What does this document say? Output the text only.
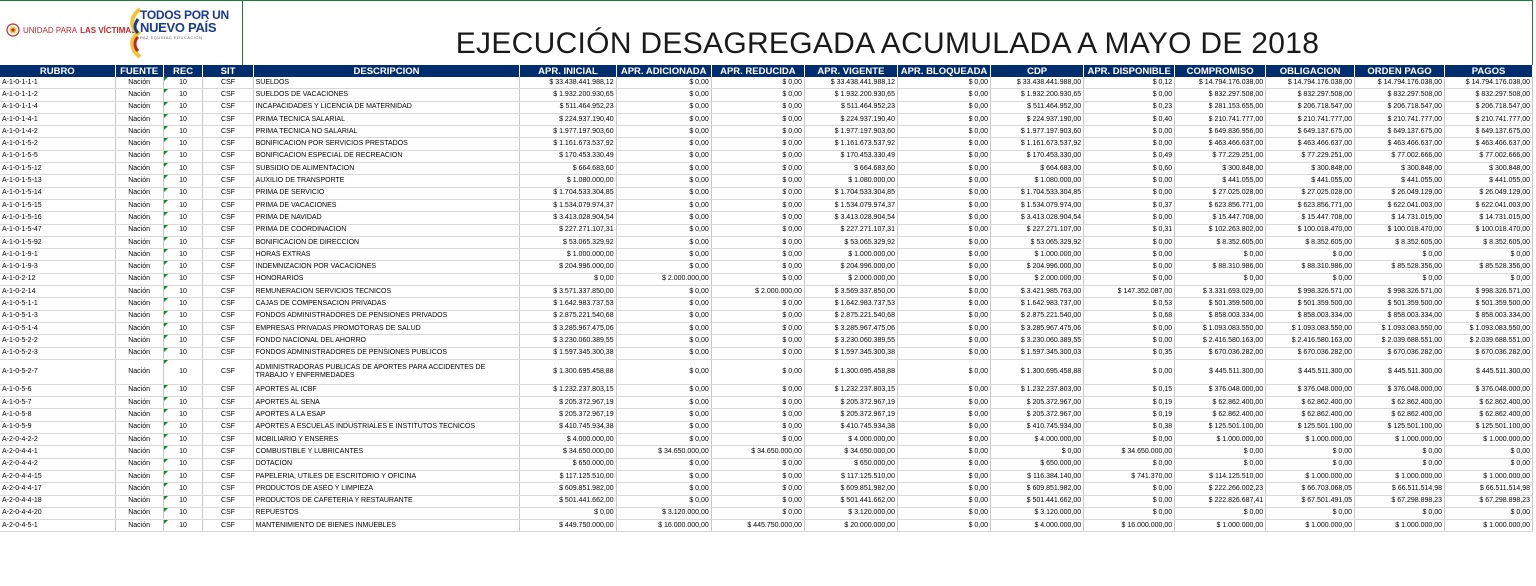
UNIDAD PARA LAS VÍCTIMAS
TODOS POR UN
NUEVO PAÍS
PAZ EQUIDAD EDUCACIÓN	EJECUCIÓN DESAGREGADA ACUMULADA A MAYO DE 2018
RUBRO	FUENTE	REC	SIT	DESCRIPCION	APR. INICIAL	APR. ADICIONADA	APR. REDUCIDA	APR. VIGENTE	APR. BLOQUEADA	CDP	APR. DISPONIBLE	COMPROMISO	OBLIGACION	ORDEN PAGO	PAGOS
A-1-0-1-1-1	Nación	10	CSF	SUELDOS	$ 33.438.441.988,12	$ 0,00	$ 0,00	$ 33.438.441.988,12	$ 0,00	$ 33.438.441.988,00	$ 0,12	$ 14.794.176.038,00	$ 14.794.176.038,00	$ 14.794.176.038,00	$ 14.794.176.038,00
A-1-0-1-1-2	Nación	10	CSF	SUELDOS DE VACACIONES	$ 1.932.200.930,65	$ 0,00	$ 0,00	$ 1.932.200.930,65	$ 0,00	$ 1.932.200.930,65	$ 0,00	$ 832.297.508,00	$ 832.297.508,00	$ 832.297.508,00	$ 832.297.508,00
A-1-0-1-1-4	Nación	10	CSF	INCAPACIDADES Y LICENCIA DE MATERNIDAD	$ 511.464.952,23	$ 0,00	$ 0,00	$ 511.464.952,23	$ 0,00	$ 511.464.952,00	$ 0,23	$ 281.153.655,00	$ 206.718.547,00	$ 206.718.547,00	$ 206.718.547,00
A-1-0-1-4-1	Nación	10	CSF	PRIMA TECNICA SALARIAL	$ 224.937.190,40	$ 0,00	$ 0,00	$ 224.937.190,40	$ 0,00	$ 224.937.190,00	$ 0,40	$ 210.741.777,00	$ 210.741.777,00	$ 210.741.777,00	$ 210.741.777,00
A-1-0-1-4-2	Nación	10	CSF	PRIMA TECNICA NO SALARIAL	$ 1.977.197.903,60	$ 0,00	$ 0,00	$ 1.977.197.903,60	$ 0,00	$ 1.977.197.903,60	$ 0,00	$ 649.836.956,00	$ 649.137.675,00	$ 649.137.675,00	$ 649.137.675,00
A-1-0-1-5-2	Nación	10	CSF	BONIFICACION POR SERVICIOS PRESTADOS	$ 1.161.673.537,92	$ 0,00	$ 0,00	$ 1.161.673.537,92	$ 0,00	$ 1.161.673.537,92	$ 0,00	$ 463.466.637,00	$ 463.466.637,00	$ 463.466.637,00	$ 463.466.637,00
A-1-0-1-5-5	Nación	10	CSF	BONIFICACION ESPECIAL DE RECREACION	$ 170.453.330,49	$ 0,00	$ 0,00	$ 170.453.330,49	$ 0,00	$ 170.453.330,00	$ 0,49	$ 77.229.251,00	$ 77.229.251,00	$ 77.002.666,00	$ 77.002.666,00
A-1-0-1-5-12	Nación	10	CSF	SUBSIDIO DE ALIMENTACION	$ 664.683,60	$ 0,00	$ 0,00	$ 664.683,60	$ 0,00	$ 664.683,00	$ 0,60	$ 300.848,00	$ 300.848,00	$ 300.848,00	$ 300.848,00
A-1-0-1-5-13	Nación	10	CSF	AUXILIO DE TRANSPORTE	$ 1.080.000,00	$ 0,00	$ 0,00	$ 1.080.000,00	$ 0,00	$ 1.080.000,00	$ 0,00	$ 441.055,00	$ 441.055,00	$ 441.055,00	$ 441.055,00
A-1-0-1-5-14	Nación	10	CSF	PRIMA DE SERVICIO	$ 1.704.533.304,85	$ 0,00	$ 0,00	$ 1.704.533.304,85	$ 0,00	$ 1.704.533.304,85	$ 0,00	$ 27.025.028,00	$ 27.025.028,00	$ 26.049.129,00	$ 26.049.129,00
A-1-0-1-5-15	Nación	10	CSF	PRIMA DE VACACIONES	$ 1.534.079.974,37	$ 0,00	$ 0,00	$ 1.534.079.974,37	$ 0,00	$ 1.534.079.974,00	$ 0,37	$ 623.856.771,00	$ 623.856.771,00	$ 622.041.003,00	$ 622.041.003,00
A-1-0-1-5-16	Nación	10	CSF	PRIMA DE NAVIDAD	$ 3.413.028.904,54	$ 0,00	$ 0,00	$ 3.413.028.904,54	$ 0,00	$ 3.413.028.904,54	$ 0,00	$ 15.447.708,00	$ 15.447.708,00	$ 14.731.015,00	$ 14.731.015,00
A-1-0-1-5-47	Nación	10	CSF	PRIMA DE COORDINACION	$ 227.271.107,31	$ 0,00	$ 0,00	$ 227.271.107,31	$ 0,00	$ 227.271.107,00	$ 0,31	$ 102.263.802,00	$ 100.018.470,00	$ 100.018.470,00	$ 100.018.470,00
A-1-0-1-5-92	Nación	10	CSF	BONIFICACION DE DIRECCION	$ 53.065.329,92	$ 0,00	$ 0,00	$ 53.065.329,92	$ 0,00	$ 53.065.329,92	$ 0,00	$ 8.352.605,00	$ 8.352.605,00	$ 8.352.605,00	$ 8.352.605,00
A-1-0-1-9-1	Nación	10	CSF	HORAS EXTRAS	$ 1.000.000,00	$ 0,00	$ 0,00	$ 1.000.000,00	$ 0,00	$ 1.000.000,00	$ 0,00	$ 0,00	$ 0,00	$ 0,00	$ 0,00
A-1-0-1-9-3	Nación	10	CSF	INDEMNIZACION POR VACACIONES	$ 204.996.000,00	$ 0,00	$ 0,00	$ 204.996.000,00	$ 0,00	$ 204.996.000,00	$ 0,00	$ 88.310.986,00	$ 88.310.986,00	$ 85.528.356,00	$ 85.528.356,00
A-1-0-2-12	Nación	10	CSF	HONORARIOS	$ 0,00	$ 2.000.000,00	$ 0,00	$ 2.000.000,00	$ 0,00	$ 2.000.000,00	$ 0,00	$ 0,00	$ 0,00	$ 0,00	$ 0,00
A-1-0-2-14	Nación	10	CSF	REMUNERACION SERVICIOS TECNICOS	$ 3.571.337.850,00	$ 0,00	$ 2.000.000,00	$ 3.569.337.850,00	$ 0,00	$ 3.421.985.763,00	$ 147.352.087,00	$ 3.331.693.029,00	$ 998.326.571,00	$ 998.326.571,00	$ 998.326.571,00
A-1-0-5-1-1	Nación	10	CSF	CAJAS DE COMPENSACION PRIVADAS	$ 1.642.983.737,53	$ 0,00	$ 0,00	$ 1.642.983.737,53	$ 0,00	$ 1.642.983.737,00	$ 0,53	$ 501.359.500,00	$ 501.359.500,00	$ 501.359.500,00	$ 501.359.500,00
A-1-0-5-1-3	Nación	10	CSF	FONDOS ADMINISTRADORES DE PENSIONES PRIVADOS	$ 2.875.221.540,68	$ 0,00	$ 0,00	$ 2.875.221.540,68	$ 0,00	$ 2.875.221.540,00	$ 0,68	$ 858.003.334,00	$ 858.003.334,00	$ 858.003.334,00	$ 858.003.334,00
A-1-0-5-1-4	Nación	10	CSF	EMPRESAS PRIVADAS PROMOTORAS DE SALUD	$ 3.285.967.475,06	$ 0,00	$ 0,00	$ 3.285.967.475,06	$ 0,00	$ 3.285.967.475,06	$ 0,00	$ 1.093.083.550,00	$ 1.093.083.550,00	$ 1.093.083.550,00	$ 1.093.083.550,00
A-1-0-5-2-2	Nación	10	CSF	FONDO NACIONAL DEL AHORRO	$ 3.230.060.389,55	$ 0,00	$ 0,00	$ 3.230.060.389,55	$ 0,00	$ 3.230.060.389,55	$ 0,00	$ 2.416.580.163,00	$ 2.416.580.163,00	$ 2.039.688.551,00	$ 2.039.688.551,00
A-1-0-5-2-3	Nación	10	CSF	FONDOS ADMINISTRADORES DE PENSIONES PUBLICOS	$ 1.597.345.300,38	$ 0,00	$ 0,00	$ 1.597.345.300,38	$ 0,00	$ 1.597.345.300,03	$ 0,35	$ 670.036.282,00	$ 670.036.282,00	$ 670.036.282,00	$ 670.036.282,00
A-1-0-5-2-7	Nación	10	CSF	ADMINISTRADORAS PUBLICAS DE APORTES PARA ACCIDENTES DE TRABAJO Y ENFERMEDADES	$ 1.300.695.458,88	$ 0,00	$ 0,00	$ 1.300.695.458,88	$ 0,00	$ 1.300.695.458,88	$ 0,00	$ 445.511.300,00	$ 445.511.300,00	$ 445.511.300,00	$ 445.511.300,00
A-1-0-5-6	Nación	10	CSF	APORTES AL ICBF	$ 1.232.237.803,15	$ 0,00	$ 0,00	$ 1.232.237.803,15	$ 0,00	$ 1.232.237.803,00	$ 0,15	$ 376.048.000,00	$ 376.048.000,00	$ 376.048.000,00	$ 376.048.000,00
A-1-0-5-7	Nación	10	CSF	APORTES AL SENA	$ 205.372.967,19	$ 0,00	$ 0,00	$ 205.372.967,19	$ 0,00	$ 205.372.967,00	$ 0,19	$ 62.862.400,00	$ 62.862.400,00	$ 62.862.400,00	$ 62.862.400,00
A-1-0-5-8	Nación	10	CSF	APORTES A LA ESAP	$ 205.372.967,19	$ 0,00	$ 0,00	$ 205.372.967,19	$ 0,00	$ 205.372.967,00	$ 0,19	$ 62.862.400,00	$ 62.862.400,00	$ 62.862.400,00	$ 62.862.400,00
A-1-0-5-9	Nación	10	CSF	APORTES A ESCUELAS INDUSTRIALES E INSTITUTOS TECNICOS	$ 410.745.934,38	$ 0,00	$ 0,00	$ 410.745.934,38	$ 0,00	$ 410.745.934,00	$ 0,38	$ 125.501.100,00	$ 125.501.100,00	$ 125.501.100,00	$ 125.501.100,00
A-2-0-4-2-2	Nación	10	CSF	MOBILIARIO Y ENSERES	$ 4.000.000,00	$ 0,00	$ 0,00	$ 4.000.000,00	$ 0,00	$ 4.000.000,00	$ 0,00	$ 1.000.000,00	$ 1.000.000,00	$ 1.000.000,00	$ 1.000.000,00
A-2-0-4-4-1	Nación	10	CSF	COMBUSTIBLE Y LUBRICANTES	$ 34.650.000,00	$ 34.650.000,00	$ 34.650.000,00	$ 34.650.000,00	$ 0,00	$ 0,00	$ 34.650.000,00	$ 0,00	$ 0,00	$ 0,00	$ 0,00
A-2-0-4-4-2	Nación	10	CSF	DOTACION	$ 650.000,00	$ 0,00	$ 0,00	$ 650.000,00	$ 0,00	$ 650.000,00	$ 0,00	$ 0,00	$ 0,00	$ 0,00	$ 0,00
A-2-0-4-4-15	Nación	10	CSF	PAPELERIA, UTILES DE ESCRITORIO Y OFICINA	$ 117.125.510,00	$ 0,00	$ 0,00	$ 117.125.510,00	$ 0,00	$ 116.384.140,00	$ 741.370,00	$ 114.125.510,00	$ 1.000.000,00	$ 1.000.000,00	$ 1.000.000,00
A-2-0-4-4-17	Nación	10	CSF	PRODUCTOS DE ASEO Y LIMPIEZA	$ 609.851.982,00	$ 0,00	$ 0,00	$ 609.851.982,00	$ 0,00	$ 609.851.982,00	$ 0,00	$ 222.266.002,23	$ 66.703.068,05	$ 66.511.514,98	$ 66.511.514,98
A-2-0-4-4-18	Nación	10	CSF	PRODUCTOS DE CAFETERIA Y RESTAURANTE	$ 501.441.662,00	$ 0,00	$ 0,00	$ 501.441.662,00	$ 0,00	$ 501.441.662,00	$ 0,00	$ 222.826.687,41	$ 67.501.491,05	$ 67.298.898,23	$ 67.298.898,23
A-2-0-4-4-20	Nación	10	CSF	REPUESTOS	$ 0,00	$ 3.120.000,00	$ 0,00	$ 3.120.000,00	$ 0,00	$ 3.120.000,00	$ 0,00	$ 0,00	$ 0,00	$ 0,00	$ 0,00
A-2-0-4-5-1	Nación	10	CSF	MANTENIMIENTO DE BIENES INMUEBLES	$ 449.750.000,00	$ 16.000.000,00	$ 445.750.000,00	$ 20.000.000,00	$ 0,00	$ 4.000.000,00	$ 16.000.000,00	$ 1.000.000,00	$ 1.000.000,00	$ 1.000.000,00	$ 1.000.000,00
